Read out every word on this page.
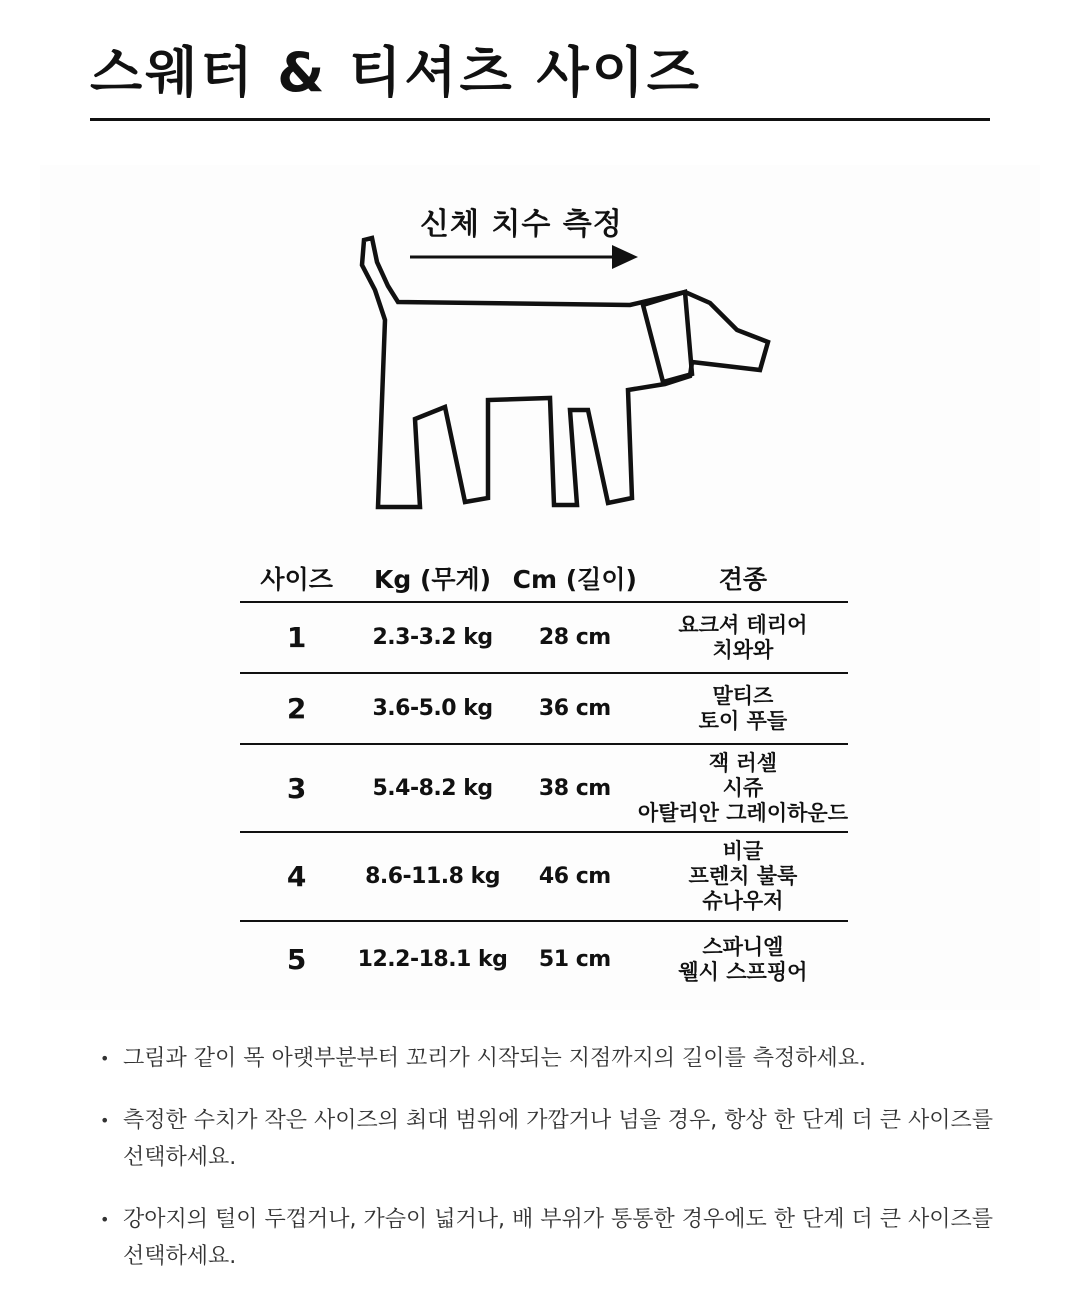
스웨터 & 티셔츠 사이즈
신체 치수 측정
사이즈	Kg (무게)	Cm (길이)	견종
1	2.3-3.2 kg	28 cm	요크셔 테리어
치와와

2	3.6-5.0 kg	36 cm	말티즈
토이 푸들

3	5.4-8.2 kg	38 cm	잭 러셀
시쥬
아탈리안 그레이하운드

4	8.6-11.8 kg	46 cm	비글
프렌치 불룩
슈나우저

5	12.2-18.1 kg	51 cm	스파니엘
웰시 스프핑어
• 그림과 같이 목 아랫부분부터 꼬리가 시작되는 지점까지의 길이를 측정하세요.
• 측정한 수치가 작은 사이즈의 최대 범위에 가깝거나 넘을 경우, 항상 한 단계 더 큰 사이즈를 선택하세요.
• 강아지의 털이 두껍거나, 가슴이 넓거나, 배 부위가 통통한 경우에도 한 단계 더 큰 사이즈를 선택하세요.
